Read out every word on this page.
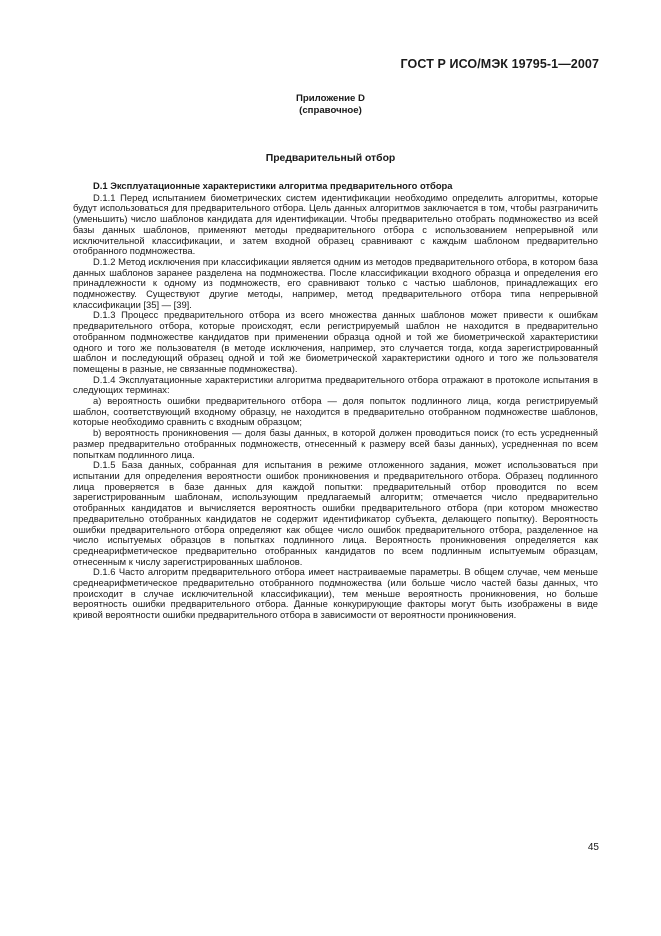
ГОСТ Р ИСО/МЭК 19795-1—2007
Приложение D
(справочное)
Предварительный отбор

D.1 Эксплуатационные характеристики алгоритма предварительного отбора

D.1.1 Перед испытанием биометрических систем идентификации необходимо определить алгоритмы, которые будут использоваться для предварительного отбора. Цель данных алгоритмов заключается в том, чтобы разграничить (уменьшить) число шаблонов кандидата для идентификации. Чтобы предварительно отобрать подмножество из всей базы данных шаблонов, применяют методы предварительного отбора с использованием непрерывной или исключительной классификации, и затем входной образец сравнивают с каждым шаблоном предварительно отобранного подмножества.

D.1.2 Метод исключения при классификации является одним из методов предварительного отбора, в котором база данных шаблонов заранее разделена на подмножества. После классификации входного образца и определения его принадлежности к одному из подмножеств, его сравнивают только с частью шаблонов, принадлежащих его подмножеству. Существуют другие методы, например, метод предварительного отбора типа непрерывной классификации [35] — [39].

D.1.3 Процесс предварительного отбора из всего множества данных шаблонов может привести к ошибкам предварительного отбора, которые происходят, если регистрируемый шаблон не находится в предварительно отобранном подмножестве кандидатов при применении образца одной и той же биометрической характеристики одного и того же пользователя (в методе исключения, например, это случается тогда, когда зарегистрированный шаблон и последующий образец одной и той же биометрической характеристики одного и того же пользователя помещены в разные, не связанные подмножества).

D.1.4 Эксплуатационные характеристики алгоритма предварительного отбора отражают в протоколе испытания в следующих терминах:

a) вероятность ошибки предварительного отбора — доля попыток подлинного лица, когда регистрируемый шаблон, соответствующий входному образцу, не находится в предварительно отобранном подмножестве шаблонов, которые необходимо сравнить с входным образцом;

b) вероятность проникновения — доля базы данных, в которой должен проводиться поиск (то есть усредненный размер предварительно отобранных подмножеств, отнесенный к размеру всей базы данных), усредненная по всем попыткам подлинного лица.

D.1.5 База данных, собранная для испытания в режиме отложенного задания, может использоваться при испытании для определения вероятности ошибок проникновения и предварительного отбора. Образец подлинного лица проверяется в базе данных для каждой попытки: предварительный отбор проводится по всем зарегистрированным шаблонам, использующим предлагаемый алгоритм; отмечается число предварительно отобранных кандидатов и вычисляется вероятность ошибки предварительного отбора (при котором множество предварительно отобранных кандидатов не содержит идентификатор субъекта, делающего попытку). Вероятность ошибки предварительного отбора определяют как общее число ошибок предварительного отбора, разделенное на число испытуемых образцов в попытках подлинного лица. Вероятность проникновения определяется как среднеарифметическое предварительно отобранных кандидатов по всем подлинным испытуемым образцам, отнесенным к числу зарегистрированных шаблонов.

D.1.6 Часто алгоритм предварительного отбора имеет настраиваемые параметры. В общем случае, чем меньше среднеарифметическое предварительно отобранного подмножества (или больше число частей базы данных, что происходит в случае исключительной классификации), тем меньше вероятность проникновения, но больше вероятность ошибки предварительного отбора. Данные конкурирующие факторы могут быть изображены в виде кривой вероятности ошибки предварительного отбора в зависимости от вероятности проникновения.

45
